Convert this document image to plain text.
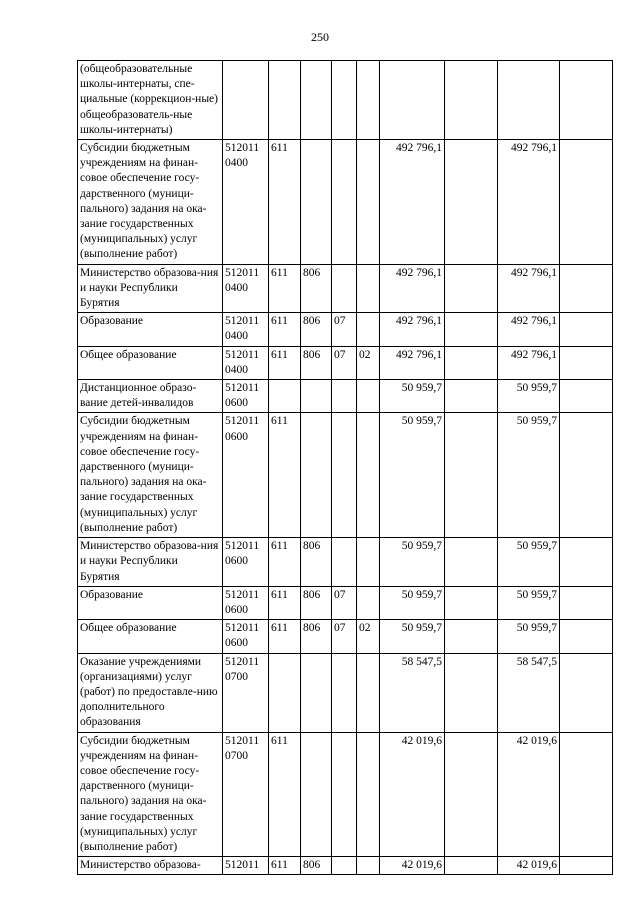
250
(общеобразовательные школы-интернаты, спе-циальные (коррекцион-ные) общеобразователь-ные школы-интернаты)									
Субсидии бюджетным учреждениям на финан-совое обеспечение госу-дарственного (муници-пального) задания на ока-зание государственных (муниципальных) услуг (выполнение работ)	512011 0400	611				492 796,1		492 796,1	
Министерство образова-ния и науки Республики Бурятия	512011 0400	611	806			492 796,1		492 796,1	
Образование	512011 0400	611	806	07		492 796,1		492 796,1	
Общее образование	512011 0400	611	806	07	02	492 796,1		492 796,1	
Дистанционное образо-вание детей-инвалидов	512011 0600					50 959,7		50 959,7	
Субсидии бюджетным учреждениям на финан-совое обеспечение госу-дарственного (муници-пального) задания на ока-зание государственных (муниципальных) услуг (выполнение работ)	512011 0600	611				50 959,7		50 959,7	
Министерство образова-ния и науки Республики Бурятия	512011 0600	611	806			50 959,7		50 959,7	
Образование	512011 0600	611	806	07		50 959,7		50 959,7	
Общее образование	512011 0600	611	806	07	02	50 959,7		50 959,7	
Оказание учреждениями (организациями) услуг (работ) по предоставле-нию дополнительного образования	512011 0700					58 547,5		58 547,5	
Субсидии бюджетным учреждениям на финан-совое обеспечение госу-дарственного (муници-пального) задания на ока-зание государственных (муниципальных) услуг (выполнение работ)	512011 0700	611				42 019,6		42 019,6	
Министерство образова-	512011	611	806			42 019,6		42 019,6	
